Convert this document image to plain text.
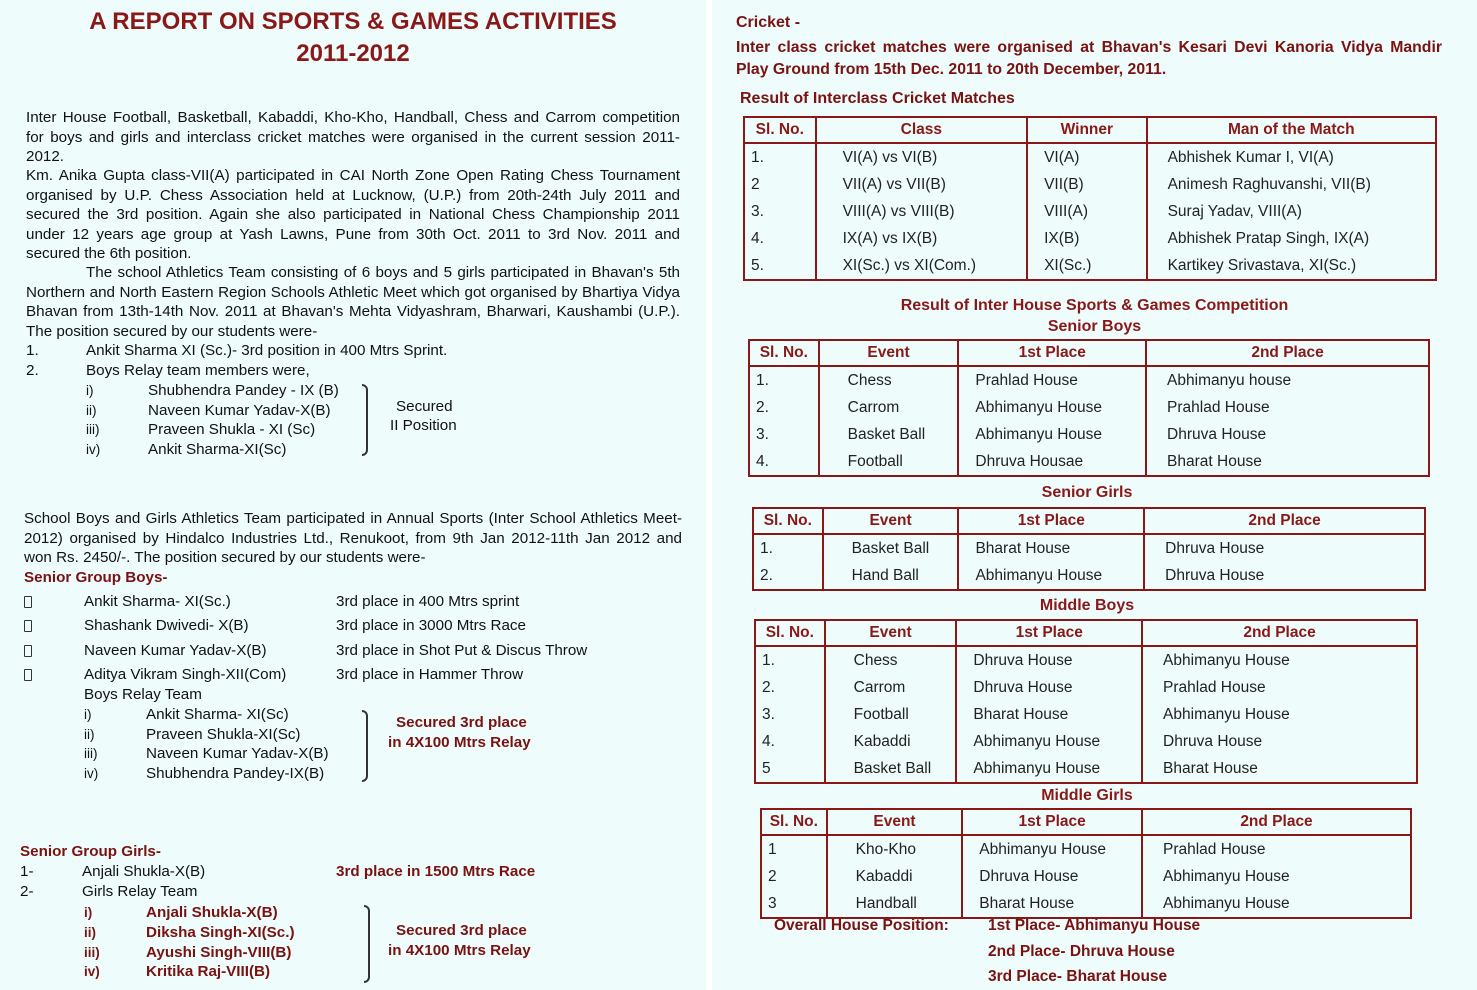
A REPORT ON SPORTS & GAMES ACTIVITIES
2011-2012
Inter House Football, Basketball, Kabaddi, Kho-Kho, Handball, Chess and Carrom competition for boys and girls and interclass cricket matches were organised in the current session 2011-2012.
Km. Anika Gupta class-VII(A) participated in CAI North Zone Open Rating Chess Tournament organised by U.P. Chess Association held at Lucknow, (U.P.) from 20th-24th July 2011 and secured the 3rd position. Again she also participated in National Chess Championship 2011 under 12 years age group at Yash Lawns, Pune from 30th Oct. 2011 to 3rd Nov. 2011 and secured the 6th position.
The school Athletics Team consisting of 6 boys and 5 girls participated in Bhavan's 5th Northern and North Eastern Region Schools Athletic Meet which got organised by Bhartiya Vidya Bhavan from 13th-14th Nov. 2011 at Bhavan's Mehta Vidyashram, Bharwari, Kaushambi (U.P.). The position secured by our students were-
1.	Ankit Sharma XI (Sc.)- 3rd position in 400 Mtrs Sprint.
2.	Boys Relay team members were,
i)	Shubhendra Pandey - IX (B)
ii)	Naveen Kumar Yadav-X(B)
iii)	Praveen Shukla - XI (Sc)
iv)	Ankit Sharma-XI(Sc)
Secured
II Position
School Boys and Girls Athletics Team participated in Annual Sports (Inter School Athletics Meet-2012) organised by Hindalco Industries Ltd., Renukoot, from 9th Jan 2012-11th Jan 2012 and won Rs. 2450/-. The position secured by our students were-
Senior Group Boys-
Ankit Sharma- XI(Sc.)	3rd place in 400 Mtrs sprint
Shashank Dwivedi- X(B)	3rd place in 3000 Mtrs Race
Naveen Kumar Yadav-X(B)	3rd place in Shot Put & Discus Throw
Aditya Vikram Singh-XII(Com)	3rd place in Hammer Throw
Boys Relay Team
i)	Ankit Sharma- XI(Sc)
ii)	Praveen Shukla-XI(Sc)
iii)	Naveen Kumar Yadav-X(B)
iv)	Shubhendra Pandey-IX(B)
Secured 3rd place
in 4X100 Mtrs Relay
Senior Group Girls-
1-	Anjali Shukla-X(B)	3rd place in 1500 Mtrs Race
2-	Girls Relay Team
i)	Anjali Shukla-X(B)
ii)	Diksha Singh-XI(Sc.)
iii)	Ayushi Singh-VIII(B)
iv)	Kritika Raj-VIII(B)
Secured 3rd place
in 4X100 Mtrs Relay
Cricket -
Inter class cricket matches were organised at Bhavan's Kesari Devi Kanoria Vidya Mandir Play Ground from 15th Dec. 2011 to 20th December, 2011.
Result of Interclass Cricket Matches
Sl. No.	Class	Winner	Man of the Match
1.	VI(A) vs VI(B)	VI(A)	Abhishek Kumar I, VI(A)
2	VII(A) vs VII(B)	VII(B)	Animesh Raghuvanshi, VII(B)
3.	VIII(A) vs VIII(B)	VIII(A)	Suraj Yadav, VIII(A)
4.	IX(A) vs IX(B)	IX(B)	Abhishek Pratap Singh, IX(A)
5.	XI(Sc.) vs XI(Com.)	XI(Sc.)	Kartikey Srivastava, XI(Sc.)
Result of Inter House Sports & Games Competition
Senior Boys
Sl. No.	Event	1st Place	2nd Place
1.	Chess	Prahlad House	Abhimanyu house
2.	Carrom	Abhimanyu House	Prahlad House
3.	Basket Ball	Abhimanyu House	Dhruva House
4.	Football	Dhruva Housae	Bharat House
Senior Girls
Sl. No.	Event	1st Place	2nd Place
1.	Basket Ball	Bharat House	Dhruva House
2.	Hand Ball	Abhimanyu House	Dhruva House
Middle Boys
Sl. No.	Event	1st Place	2nd Place
1.	Chess	Dhruva House	Abhimanyu House
2.	Carrom	Dhruva House	Prahlad House
3.	Football	Bharat House	Abhimanyu House
4.	Kabaddi	Abhimanyu House	Dhruva House
5	Basket Ball	Abhimanyu House	Bharat House
Middle Girls
Sl. No.	Event	1st Place	2nd Place
1	Kho-Kho	Abhimanyu House	Prahlad House
2	Kabaddi	Dhruva House	Abhimanyu House
3	Handball	Bharat House	Abhimanyu House
Overall House Position:	1st Place- Abhimanyu House
2nd Place- Dhruva House
3rd Place- Bharat House
